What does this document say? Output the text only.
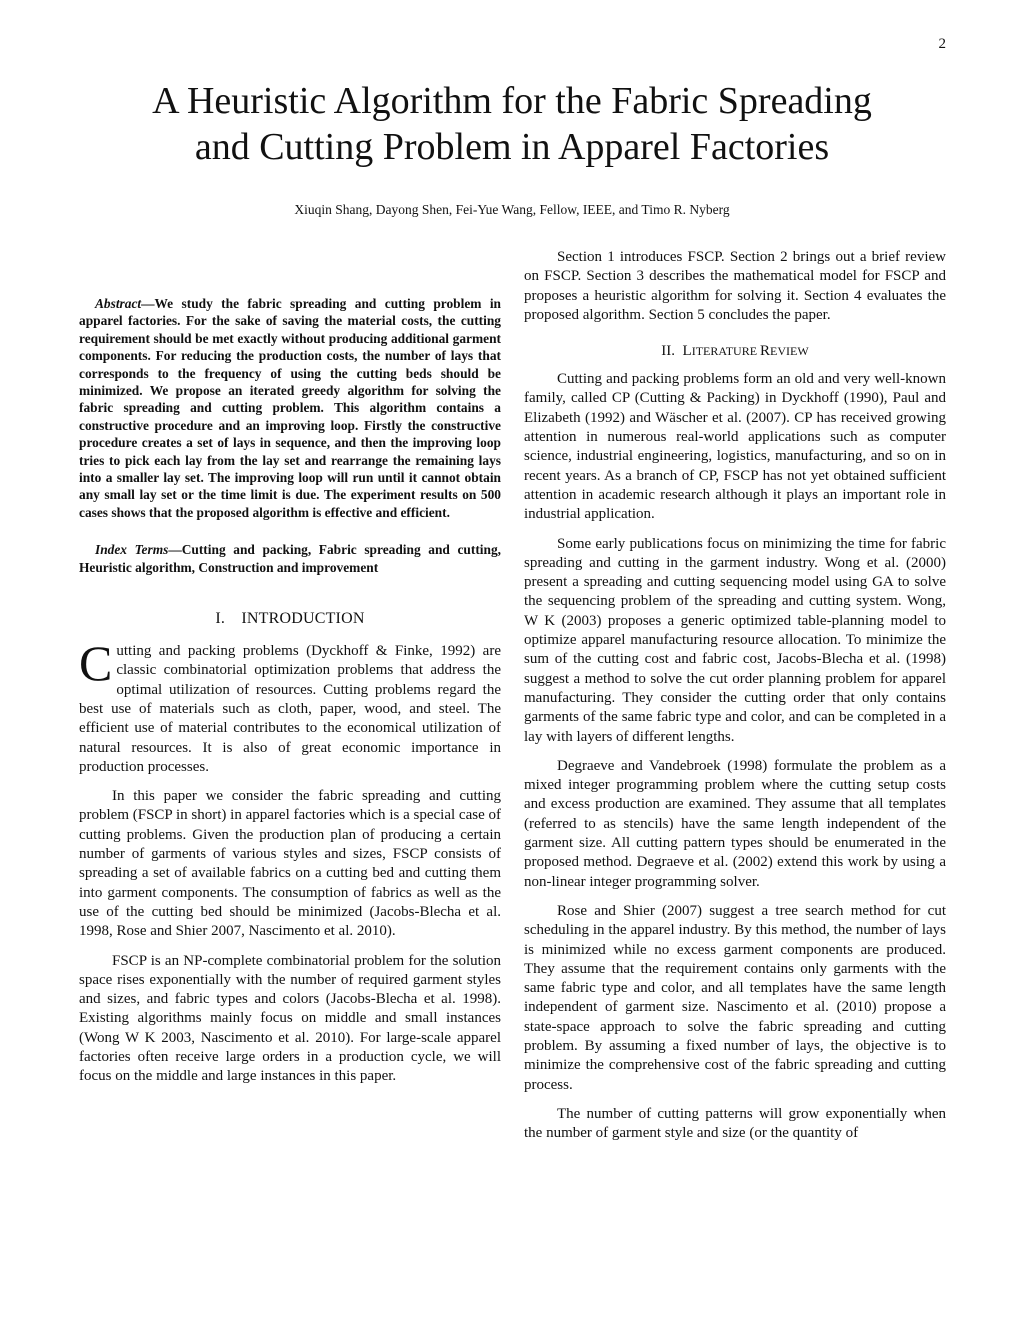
2
A Heuristic Algorithm for the Fabric Spreading
and Cutting Problem in Apparel Factories
Xiuqin Shang, Dayong Shen, Fei-Yue Wang, Fellow, IEEE, and Timo R. Nyberg

Abstract—We study the fabric spreading and cutting problem in apparel factories. For the sake of saving the material costs, the cutting requirement should be met exactly without producing additional garment components. For reducing the production costs, the number of lays that corresponds to the frequency of using the cutting beds should be minimized. We propose an iterated greedy algorithm for solving the fabric spreading and cutting problem. This algorithm contains a constructive procedure and an improving loop. Firstly the constructive procedure creates a set of lays in sequence, and then the improving loop tries to pick each lay from the lay set and rearrange the remaining lays into a smaller lay set. The improving loop will run until it cannot obtain any small lay set or the time limit is due. The experiment results on 500 cases shows that the proposed algorithm is effective and efficient.

Index Terms—Cutting and packing, Fabric spreading and cutting, Heuristic algorithm, Construction and improvement

I. INTRODUCTION

Cutting and packing problems (Dyckhoff & Finke, 1992) are classic combinatorial optimization problems that address the optimal utilization of resources. Cutting problems regard the best use of materials such as cloth, paper, wood, and steel. The efficient use of material contributes to the economical utilization of natural resources. It is also of great economic importance in production processes.

In this paper we consider the fabric spreading and cutting problem (FSCP in short) in apparel factories which is a special case of cutting problems. Given the production plan of producing a certain number of garments of various styles and sizes, FSCP consists of spreading a set of available fabrics on a cutting bed and cutting them into garment components. The consumption of fabrics as well as the use of the cutting bed should be minimized (Jacobs-Blecha et al. 1998, Rose and Shier 2007, Nascimento et al. 2010).

FSCP is an NP-complete combinatorial problem for the solution space rises exponentially with the number of required garment styles and sizes, and fabric types and colors (Jacobs-Blecha et al. 1998). Existing algorithms mainly focus on middle and small instances (Wong W K 2003, Nascimento et al. 2010). For large-scale apparel factories often receive large orders in a production cycle, we will focus on the middle and large instances in this paper.

Section 1 introduces FSCP. Section 2 brings out a brief review on FSCP. Section 3 describes the mathematical model for FSCP and proposes a heuristic algorithm for solving it. Section 4 evaluates the proposed algorithm. Section 5 concludes the paper.

II. LITERATURE REVIEW

Cutting and packing problems form an old and very well-known family, called CP (Cutting & Packing) in Dyckhoff (1990), Paul and Elizabeth (1992) and Wäscher et al. (2007). CP has received growing attention in numerous real-world applications such as computer science, industrial engineering, logistics, manufacturing, and so on in recent years. As a branch of CP, FSCP has not yet obtained sufficient attention in academic research although it plays an important role in industrial application.

Some early publications focus on minimizing the time for fabric spreading and cutting in the garment industry. Wong et al. (2000) present a spreading and cutting sequencing model using GA to solve the sequencing problem of the spreading and cutting system. Wong, W K (2003) proposes a generic optimized table-planning model to optimize apparel manufacturing resource allocation. To minimize the sum of the cutting cost and fabric cost, Jacobs-Blecha et al. (1998) suggest a method to solve the cut order planning problem for apparel manufacturing. They consider the cutting order that only contains garments of the same fabric type and color, and can be completed in a lay with layers of different lengths.

Degraeve and Vandebroek (1998) formulate the problem as a mixed integer programming problem where the cutting setup costs and excess production are examined. They assume that all templates (referred to as stencils) have the same length independent of the garment size. All cutting pattern types should be enumerated in the proposed method. Degraeve et al. (2002) extend this work by using a non-linear integer programming solver.

Rose and Shier (2007) suggest a tree search method for cut scheduling in the apparel industry. By this method, the number of lays is minimized while no excess garment components are produced. They assume that the requirement contains only garments with the same fabric type and color, and all templates have the same length independent of garment size. Nascimento et al. (2010) propose a state-space approach to solve the fabric spreading and cutting problem. By assuming a fixed number of lays, the objective is to minimize the comprehensive cost of the fabric spreading and cutting process.

The number of cutting patterns will grow exponentially when the number of garment style and size (or the quantity of
